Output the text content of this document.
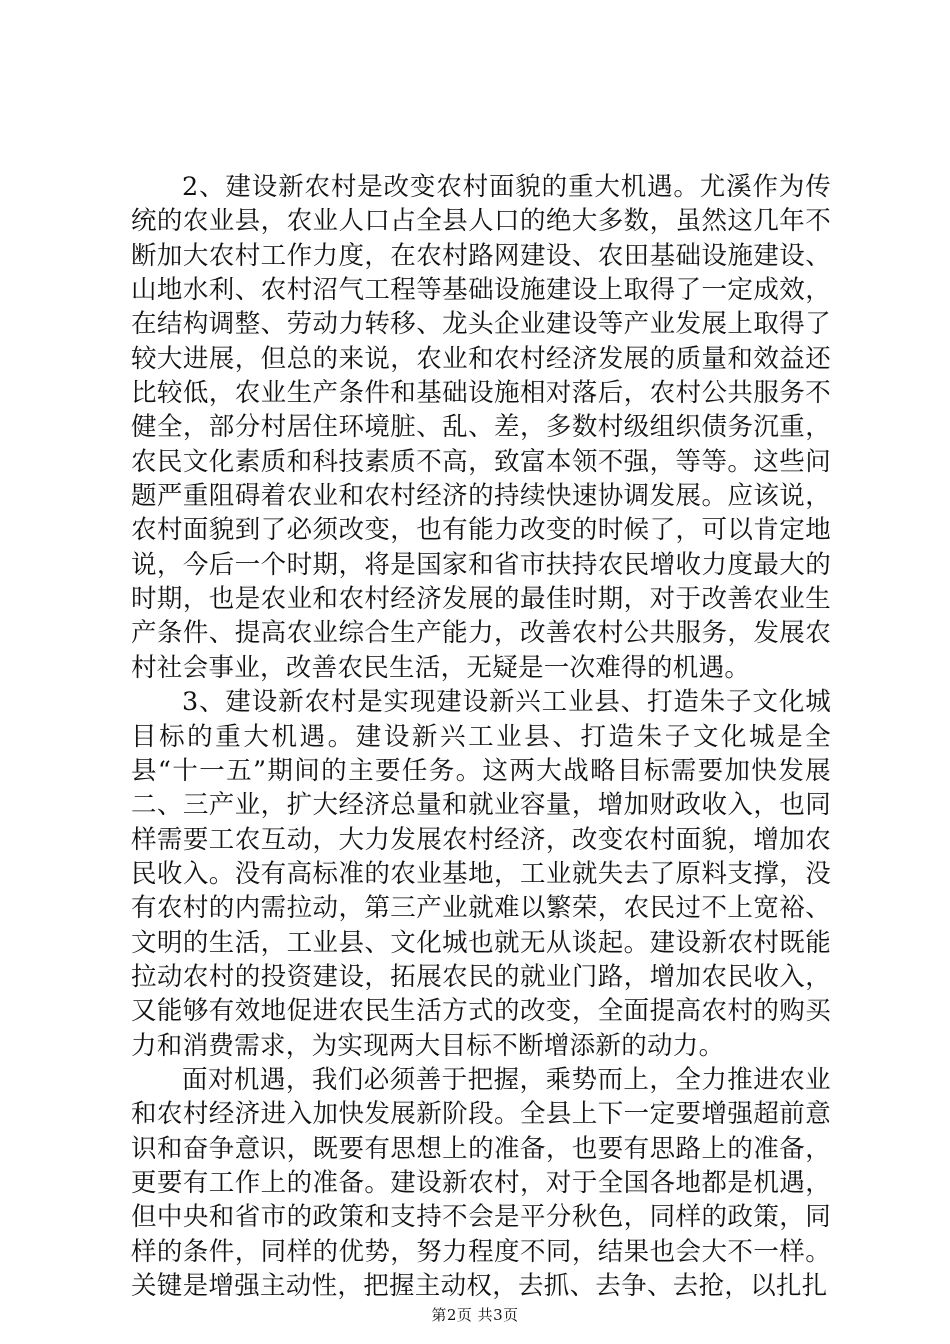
2、建设新农村是改变农村面貌的重大机遇。尤溪作为传统的农业县，农业人口占全县人口的绝大多数，虽然这几年不断加大农村工作力度，在农村路网建设、农田基础设施建设、山地水利、农村沼气工程等基础设施建设上取得了一定成效，在结构调整、劳动力转移、龙头企业建设等产业发展上取得了较大进展，但总的来说，农业和农村经济发展的质量和效益还比较低，农业生产条件和基础设施相对落后，农村公共服务不健全，部分村居住环境脏、乱、差，多数村级组织债务沉重，农民文化素质和科技素质不高，致富本领不强，等等。这些问题严重阻碍着农业和农村经济的持续快速协调发展。应该说，农村面貌到了必须改变，也有能力改变的时候了，可以肯定地说，今后一个时期，将是国家和省市扶持农民增收力度最大的时期，也是农业和农村经济发展的最佳时期，对于改善农业生产条件、提高农业综合生产能力，改善农村公共服务，发展农村社会事业，改善农民生活，无疑是一次难得的机遇。

3、建设新农村是实现建设新兴工业县、打造朱子文化城目标的重大机遇。建设新兴工业县、打造朱子文化城是全县“十一五”期间的主要任务。这两大战略目标需要加快发展二、三产业，扩大经济总量和就业容量，增加财政收入，也同样需要工农互动，大力发展农村经济，改变农村面貌，增加农民收入。没有高标准的农业基地，工业就失去了原料支撑，没有农村的内需拉动，第三产业就难以繁荣，农民过不上宽裕、文明的生活，工业县、文化城也就无从谈起。建设新农村既能拉动农村的投资建设，拓展农民的就业门路，增加农民收入，又能够有效地促进农民生活方式的改变，全面提高农村的购买力和消费需求，为实现两大目标不断增添新的动力。

面对机遇，我们必须善于把握，乘势而上，全力推进农业和农村经济进入加快发展新阶段。全县上下一定要增强超前意识和奋争意识，既要有思想上的准备，也要有思路上的准备，更要有工作上的准备。建设新农村，对于全国各地都是机遇，但中央和省市的政策和支持不会是平分秋色，同样的政策，同样的条件，同样的优势，努力程度不同，结果也会大不一样。关键是增强主动性，把握主动权，去抓、去争、去抢，以扎扎

第2页 共3页
